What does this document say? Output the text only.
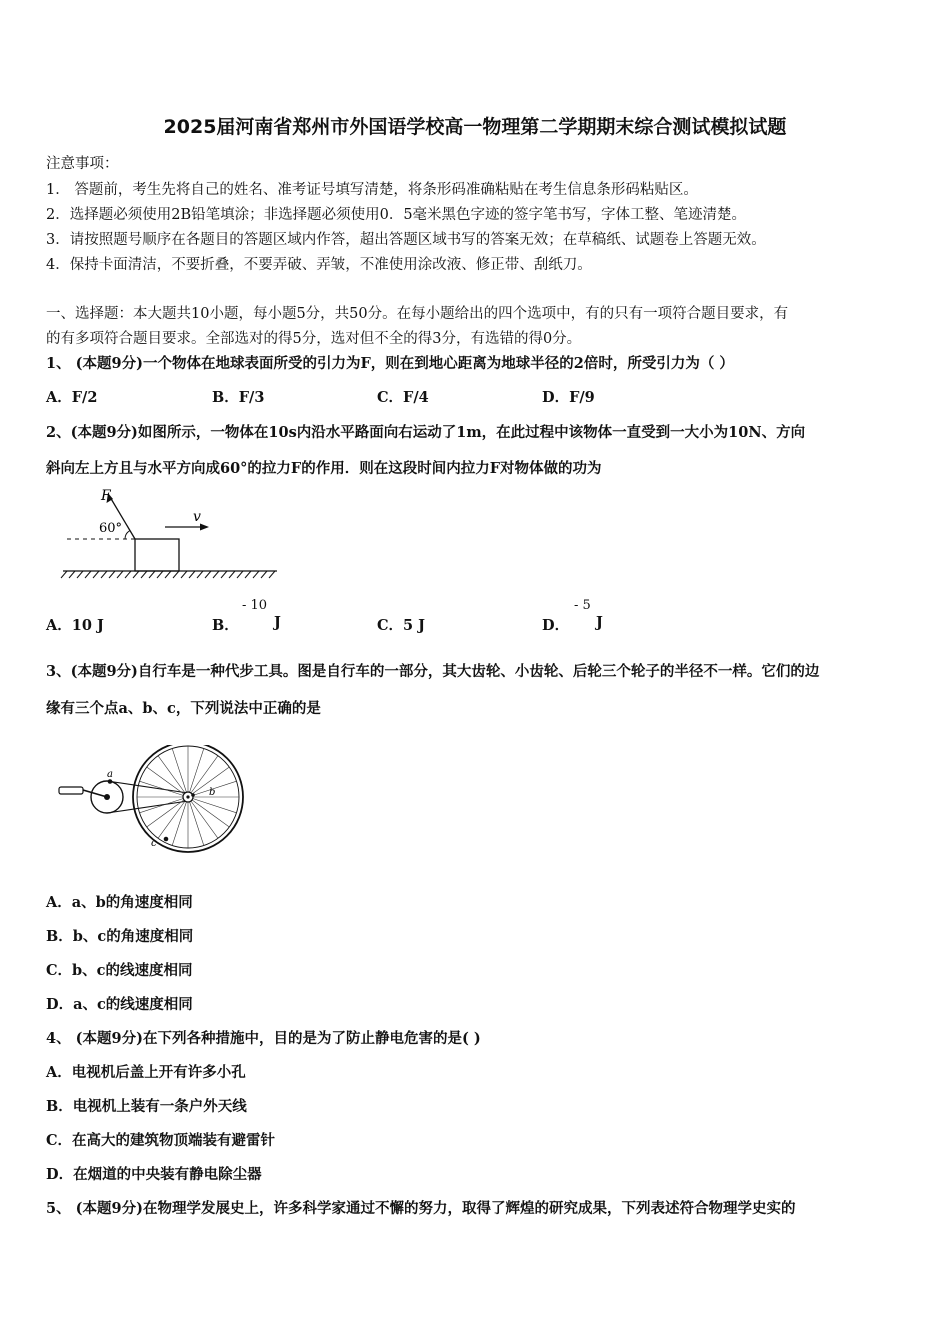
2025届河南省郑州市外国语学校高一物理第二学期期末综合测试模拟试题
注意事项：
1． 答题前，考生先将自己的姓名、准考证号填写清楚，将条形码准确粘贴在考生信息条形码粘贴区。
2．选择题必须使用2B铅笔填涂；非选择题必须使用0．5毫米黑色字迹的签字笔书写，字体工整、笔迹清楚。
3．请按照题号顺序在各题目的答题区域内作答，超出答题区域书写的答案无效；在草稿纸、试题卷上答题无效。
4．保持卡面清洁，不要折叠，不要弄破、弄皱，不准使用涂改液、修正带、刮纸刀。
一、选择题：本大题共10小题，每小题5分，共50分。在每小题给出的四个选项中，有的只有一项符合题目要求，有
的有多项符合题目要求。全部选对的得5分，选对但不全的得3分，有选错的得0分。
1、 (本题9分)一个物体在地球表面所受的引力为F，则在到地心距离为地球半径的2倍时，所受引力为（ ）
A．F/2	B．F/3	C．F/4	D．F/9
2、(本题9分)如图所示，一物体在10s内沿水平路面向右运动了1m，在此过程中该物体一直受到一大小为10N、方向
斜向左上方且与水平方向成60°的拉力F的作用．则在这段时间内拉力F对物体做的功为
F
60°
v
A．10 J	B．
- 10
J	C．5 J	D．
- 5
J
3、(本题9分)自行车是一种代步工具。图是自行车的一部分，其大齿轮、小齿轮、后轮三个轮子的半径不一样。它们的边
缘有三个点a、b、c，下列说法中正确的是
a
b
c
A．a、b的角速度相同
B．b、c的角速度相同
C．b、c的线速度相同
D．a、c的线速度相同
4、 (本题9分)在下列各种措施中，目的是为了防止静电危害的是( )
A．电视机后盖上开有许多小孔
B．电视机上装有一条户外天线
C．在高大的建筑物顶端装有避雷针
D．在烟道的中央装有静电除尘器
5、 (本题9分)在物理学发展史上，许多科学家通过不懈的努力，取得了辉煌的研究成果，下列表述符合物理学史实的
